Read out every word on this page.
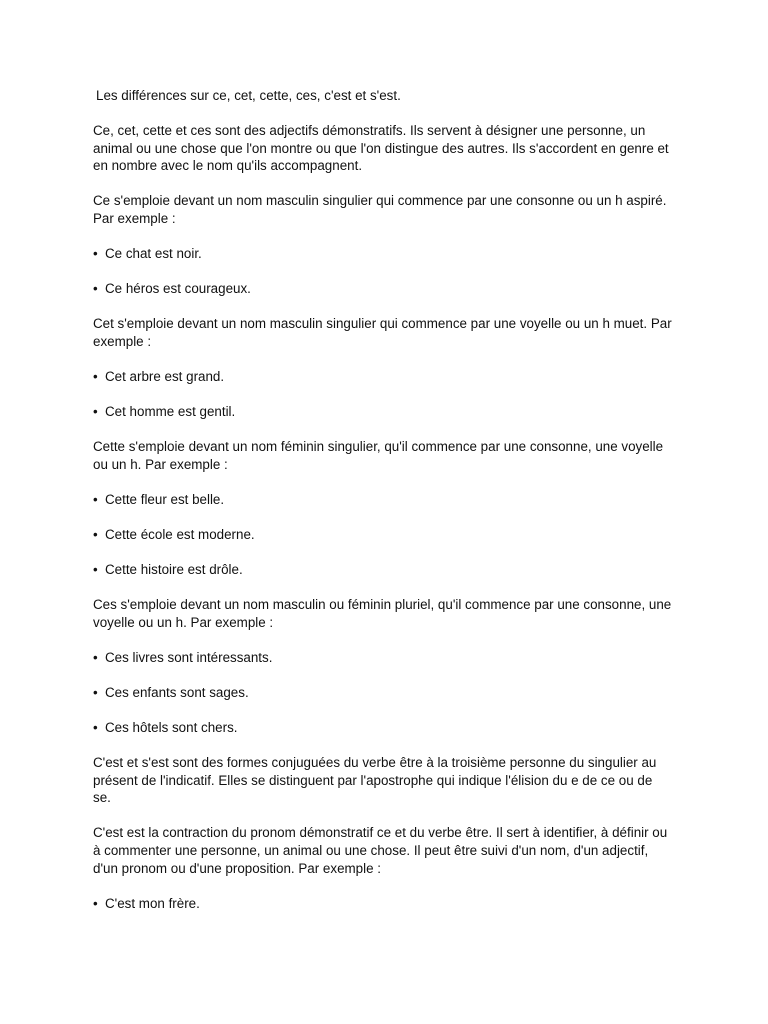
Les différences sur ce, cet, cette, ces, c'est et s'est.

Ce, cet, cette et ces sont des adjectifs démonstratifs. Ils servent à désigner une personne, un animal ou une chose que l'on montre ou que l'on distingue des autres. Ils s'accordent en genre et en nombre avec le nom qu'ils accompagnent.

Ce s'emploie devant un nom masculin singulier qui commence par une consonne ou un h aspiré. Par exemple :

• Ce chat est noir.
• Ce héros est courageux.

Cet s'emploie devant un nom masculin singulier qui commence par une voyelle ou un h muet. Par exemple :

• Cet arbre est grand.
• Cet homme est gentil.

Cette s'emploie devant un nom féminin singulier, qu'il commence par une consonne, une voyelle ou un h. Par exemple :

• Cette fleur est belle.
• Cette école est moderne.
• Cette histoire est drôle.

Ces s'emploie devant un nom masculin ou féminin pluriel, qu'il commence par une consonne, une voyelle ou un h. Par exemple :

• Ces livres sont intéressants.
• Ces enfants sont sages.
• Ces hôtels sont chers.

C'est et s'est sont des formes conjuguées du verbe être à la troisième personne du singulier au présent de l'indicatif. Elles se distinguent par l'apostrophe qui indique l'élision du e de ce ou de se.

C'est est la contraction du pronom démonstratif ce et du verbe être. Il sert à identifier, à définir ou à commenter une personne, un animal ou une chose. Il peut être suivi d'un nom, d'un adjectif, d'un pronom ou d'une proposition. Par exemple :

• C'est mon frère.
